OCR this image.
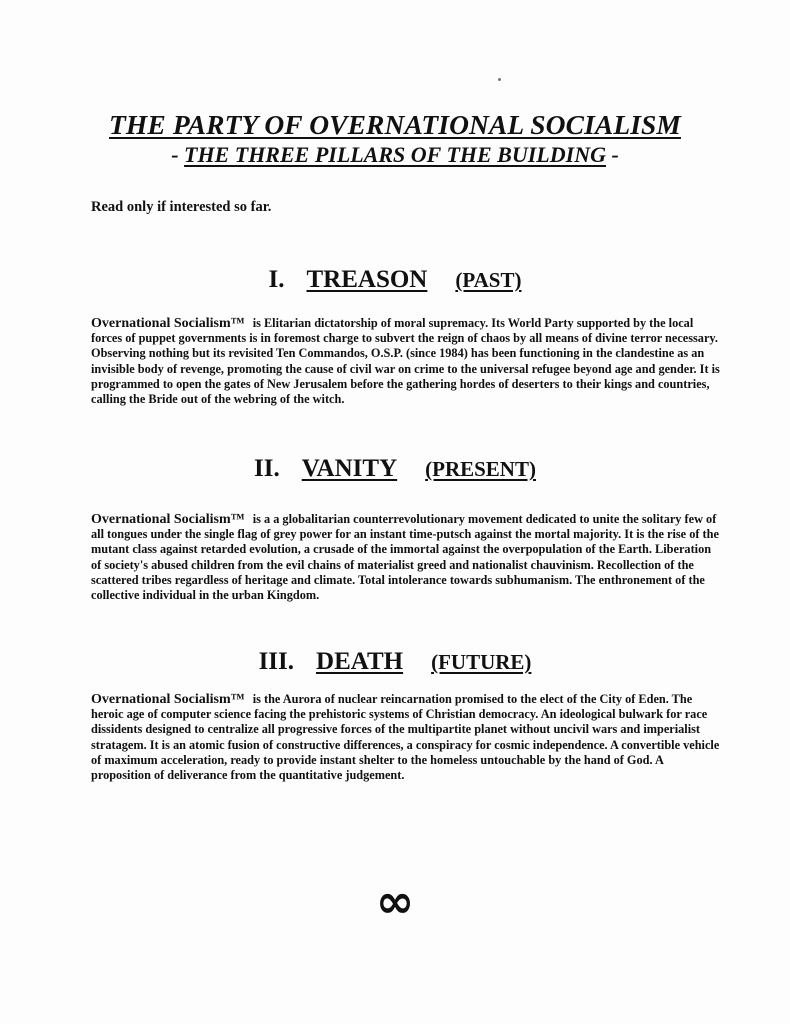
THE PARTY OF OVERNATIONAL SOCIALISM
- THE THREE PILLARS OF THE BUILDING -
Read only if interested so far.
I. TREASON (PAST)
Overnational Socialism™ is Elitarian dictatorship of moral supremacy. Its World Party supported by the local forces of puppet governments is in foremost charge to subvert the reign of chaos by all means of divine terror necessary. Observing nothing but its revisited Ten Commandos, O.S.P. (since 1984) has been functioning in the clandestine as an invisible body of revenge, promoting the cause of civil war on crime to the universal refugee beyond age and gender. It is programmed to open the gates of New Jerusalem before the gathering hordes of deserters to their kings and countries, calling the Bride out of the webring of the witch.
II. VANITY (PRESENT)
Overnational Socialism™ is a a globalitarian counterrevolutionary movement dedicated to unite the solitary few of all tongues under the single flag of grey power for an instant time-putsch against the mortal majority. It is the rise of the mutant class against retarded evolution, a crusade of the immortal against the overpopulation of the Earth. Liberation of society's abused children from the evil chains of materialist greed and nationalist chauvinism. Recollection of the scattered tribes regardless of heritage and climate. Total intolerance towards subhumanism. The enthronement of the collective individual in the urban Kingdom.
III. DEATH (FUTURE)
Overnational Socialism™ is the Aurora of nuclear reincarnation promised to the elect of the City of Eden. The heroic age of computer science facing the prehistoric systems of Christian democracy. An ideological bulwark for race dissidents designed to centralize all progressive forces of the multipartite planet without uncivil wars and imperialist stratagem. It is an atomic fusion of constructive differences, a conspiracy for cosmic independence. A convertible vehicle of maximum acceleration, ready to provide instant shelter to the homeless untouchable by the hand of God. A proposition of deliverance from the quantitative judgement.
∞
